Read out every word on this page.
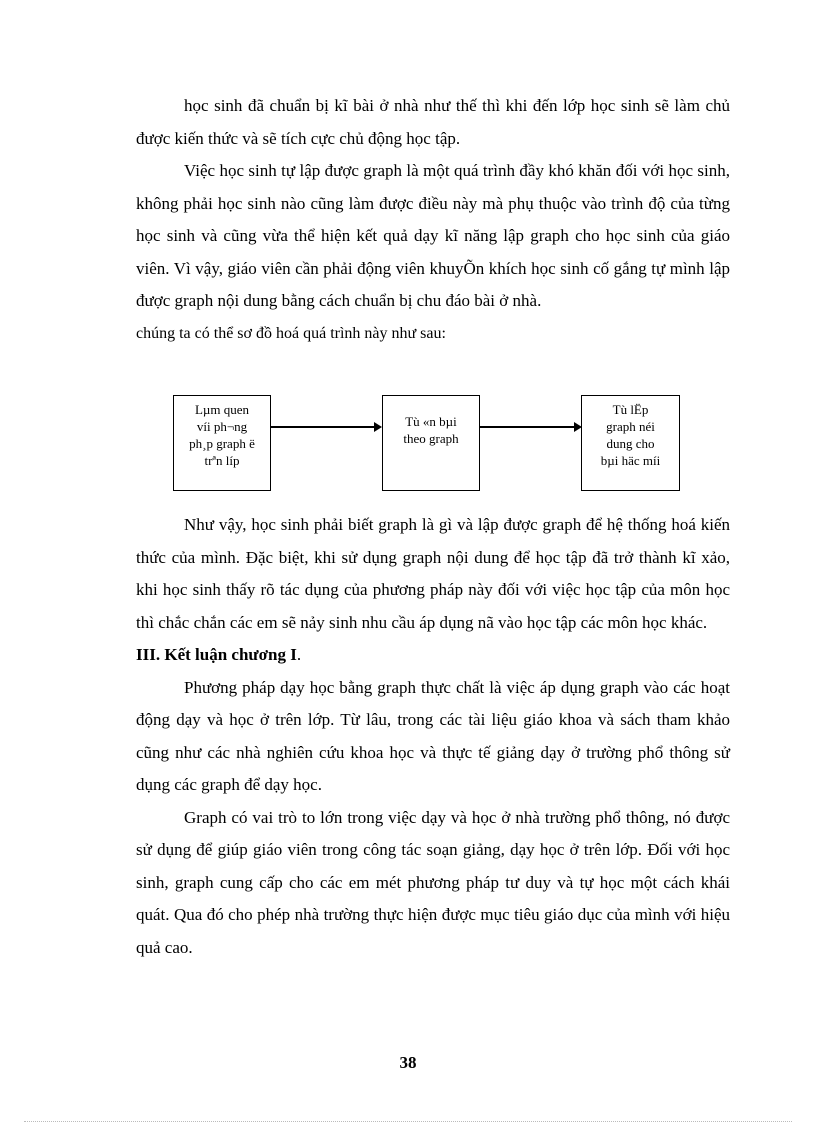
học sinh đã chuẩn bị kĩ bài ở nhà như thế thì khi đến lớp học sinh sẽ làm chủ được kiến thức và sẽ tích cực chủ động học tập.

Việc học sinh tự lập được graph là một quá trình đầy khó khăn đối với học sinh, không phải học sinh nào cũng làm được điều này mà phụ thuộc vào trình độ của từng học sinh và cũng vừa thể hiện kết quả dạy kĩ năng lập graph cho học sinh của giáo viên. Vì vậy, giáo viên cần phải động viên khuyÕn khích học sinh cố gắng tự mình lập được graph nội dung bằng cách chuẩn bị chu đáo bài ở nhà.

chúng ta có thể sơ đồ hoá quá trình này như sau:

Lµm quen
víi ph¬ng
ph¸p graph ë
trªn líp
Tù «n bµi
theo graph
Tù lËp
graph néi
dung cho
bµi häc míi

Như vậy, học sinh phải biết graph là gì và lập được graph để hệ thống hoá kiến thức của mình. Đặc biệt, khi sử dụng graph nội dung để học tập đã trở thành kĩ xảo, khi học sinh thấy rõ tác dụng của phương pháp này đối với việc học tập của môn học thì chắc chắn các em sẽ nảy sinh nhu cầu áp dụng nã vào học tập các môn học khác.

III. Kết luận chương I.

Phương pháp dạy học bằng graph thực chất là việc áp dụng graph vào các hoạt động dạy và học ở trên lớp. Từ lâu, trong các tài liệu giáo khoa và sách tham khảo cũng như các nhà nghiên cứu khoa học và thực tế giảng dạy ở trường phổ thông sử dụng các graph để dạy học.

Graph có vai trò to lớn trong việc dạy và học ở nhà trường phổ thông, nó được sử dụng để giúp giáo viên trong công tác soạn giảng, dạy học ở trên lớp. Đối với học sinh, graph cung cấp cho các em mét phương pháp tư duy và tự học một cách khái quát. Qua đó cho phép nhà trường thực hiện được mục tiêu giáo dục của mình với hiệu quả cao.

38
